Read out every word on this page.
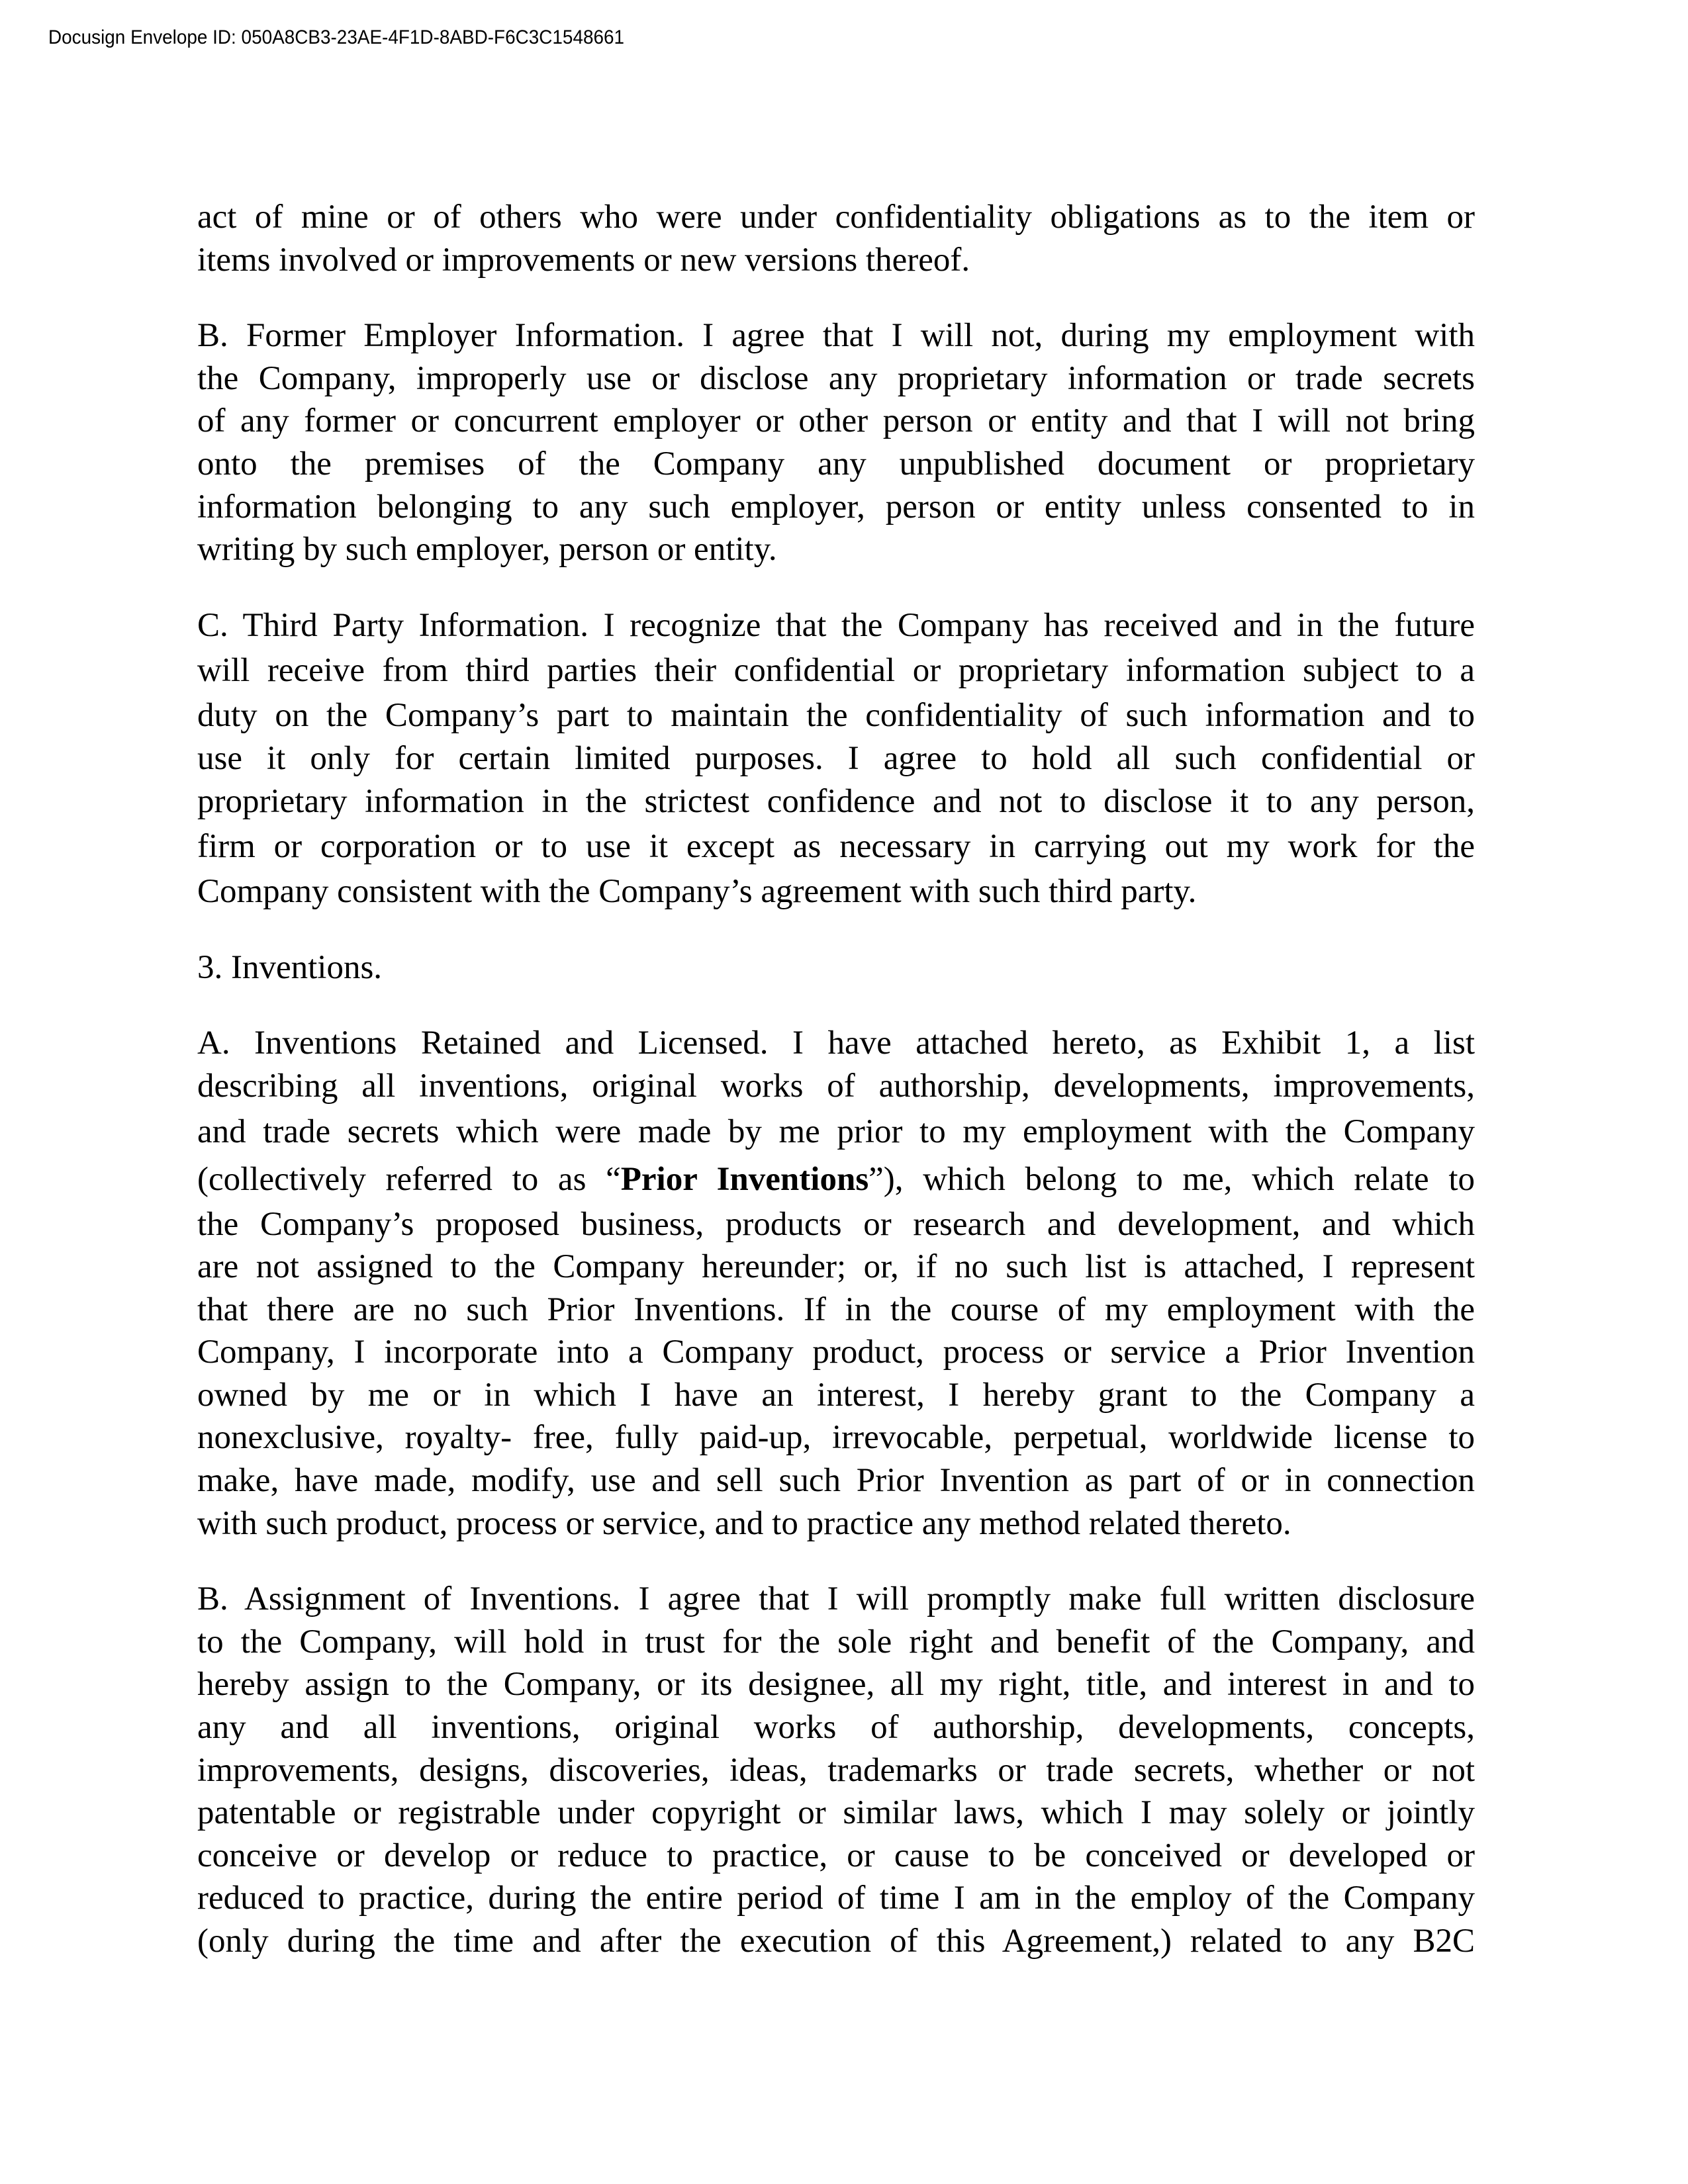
Docusign Envelope ID: 050A8CB3-23AE-4F1D-8ABD-F6C3C1548661
act of mine or of others who were under confidentiality obligations as to the item or
items involved or improvements or new versions thereof.
B. Former Employer Information. I agree that I will not, during my employment with
the Company, improperly use or disclose any proprietary information or trade secrets
of any former or concurrent employer or other person or entity and that I will not bring
onto the premises of the Company any unpublished document or proprietary
information belonging to any such employer, person or entity unless consented to in
writing by such employer, person or entity.
C. Third Party Information. I recognize that the Company has received and in the future
will receive from third parties their confidential or proprietary information subject to a
duty on the Company’s part to maintain the confidentiality of such information and to
use it only for certain limited purposes. I agree to hold all such confidential or
proprietary information in the strictest confidence and not to disclose it to any person,
firm or corporation or to use it except as necessary in carrying out my work for the
Company consistent with the Company’s agreement with such third party.
3. Inventions.
A. Inventions Retained and Licensed. I have attached hereto, as Exhibit 1, a list
describing all inventions, original works of authorship, developments, improvements,
and trade secrets which were made by me prior to my employment with the Company
(collectively referred to as “Prior Inventions”), which belong to me, which relate to
the Company’s proposed business, products or research and development, and which
are not assigned to the Company hereunder; or, if no such list is attached, I represent
that there are no such Prior Inventions. If in the course of my employment with the
Company, I incorporate into a Company product, process or service a Prior Invention
owned by me or in which I have an interest, I hereby grant to the Company a
nonexclusive, royalty- free, fully paid-up, irrevocable, perpetual, worldwide license to
make, have made, modify, use and sell such Prior Invention as part of or in connection
with such product, process or service, and to practice any method related thereto.
B. Assignment of Inventions. I agree that I will promptly make full written disclosure
to the Company, will hold in trust for the sole right and benefit of the Company, and
hereby assign to the Company, or its designee, all my right, title, and interest in and to
any and all inventions, original works of authorship, developments, concepts,
improvements, designs, discoveries, ideas, trademarks or trade secrets, whether or not
patentable or registrable under copyright or similar laws, which I may solely or jointly
conceive or develop or reduce to practice, or cause to be conceived or developed or
reduced to practice, during the entire period of time I am in the employ of the Company
(only during the time and after the execution of this Agreement,) related to any B2C
